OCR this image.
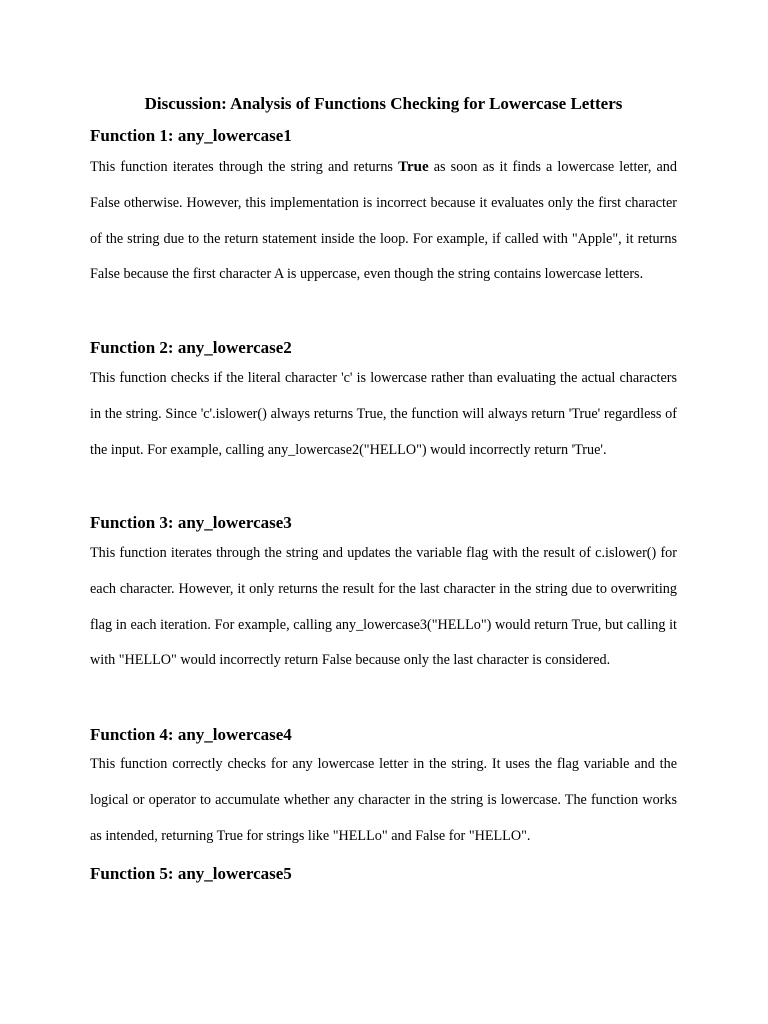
Discussion: Analysis of Functions Checking for Lowercase Letters
Function 1: any_lowercase1

This function iterates through the string and returns True as soon as it finds a lowercase letter, and False otherwise. However, this implementation is incorrect because it evaluates only the first character of the string due to the return statement inside the loop. For example, if called with "Apple", it returns False because the first character A is uppercase, even though the string contains lowercase letters.

Function 2: any_lowercase2

This function checks if the literal character 'c' is lowercase rather than evaluating the actual characters in the string. Since 'c'.islower() always returns True, the function will always return 'True' regardless of the input. For example, calling any_lowercase2("HELLO") would incorrectly return 'True'.

Function 3: any_lowercase3

This function iterates through the string and updates the variable flag with the result of c.islower() for each character. However, it only returns the result for the last character in the string due to overwriting flag in each iteration. For example, calling any_lowercase3("HELLo") would return True, but calling it with "HELLO" would incorrectly return False because only the last character is considered.

Function 4: any_lowercase4

This function correctly checks for any lowercase letter in the string. It uses the flag variable and the logical or operator to accumulate whether any character in the string is lowercase. The function works as intended, returning True for strings like "HELLo" and False for "HELLO".

Function 5: any_lowercase5
